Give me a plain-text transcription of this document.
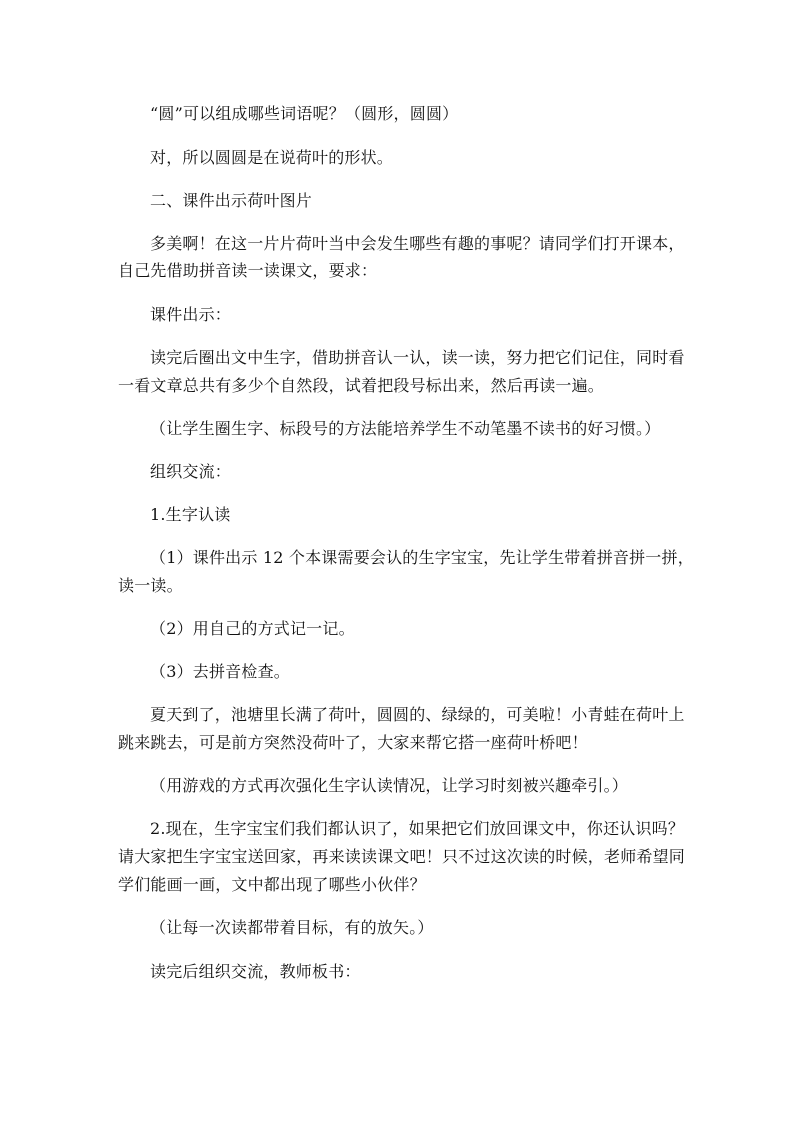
“圆”可以组成哪些词语呢？（圆形，圆圆）
对，所以圆圆是在说荷叶的形状。
二、课件出示荷叶图片
多美啊！在这一片片荷叶当中会发生哪些有趣的事呢？请同学们打开课本，
自己先借助拼音读一读课文，要求：
课件出示：
读完后圈出文中生字，借助拼音认一认，读一读，努力把它们记住，同时看
一看文章总共有多少个自然段，试着把段号标出来，然后再读一遍。
（让学生圈生字、标段号的方法能培养学生不动笔墨不读书的好习惯。）
组织交流：
1.生字认读
（1）课件出示 12 个本课需要会认的生字宝宝，先让学生带着拼音拼一拼，
读一读。
（2）用自己的方式记一记。
（3）去拼音检查。
夏天到了，池塘里长满了荷叶，圆圆的、绿绿的，可美啦！小青蛙在荷叶上
跳来跳去，可是前方突然没荷叶了，大家来帮它搭一座荷叶桥吧！
（用游戏的方式再次强化生字认读情况，让学习时刻被兴趣牵引。）
2.现在，生字宝宝们我们都认识了，如果把它们放回课文中，你还认识吗？
请大家把生字宝宝送回家，再来读读课文吧！只不过这次读的时候，老师希望同
学们能画一画，文中都出现了哪些小伙伴？
（让每一次读都带着目标，有的放矢。）
读完后组织交流，教师板书：
